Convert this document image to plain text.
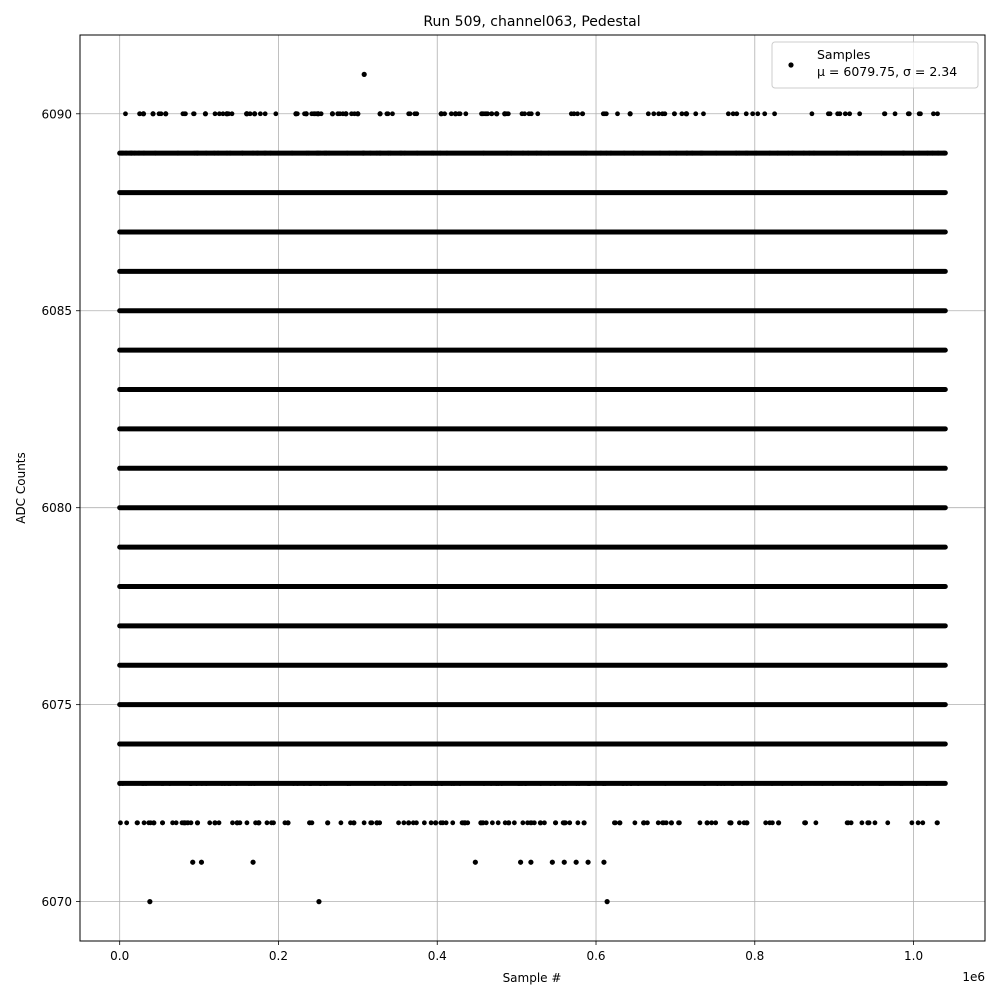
Run 509, channel063, Pedestal
0.0	0.2	0.4	0.6	0.8	1.0
6070
6075
6080
6085
6090
1e6
Sample #
ADC Counts
Samples
μ = 6079.75, σ = 2.34
